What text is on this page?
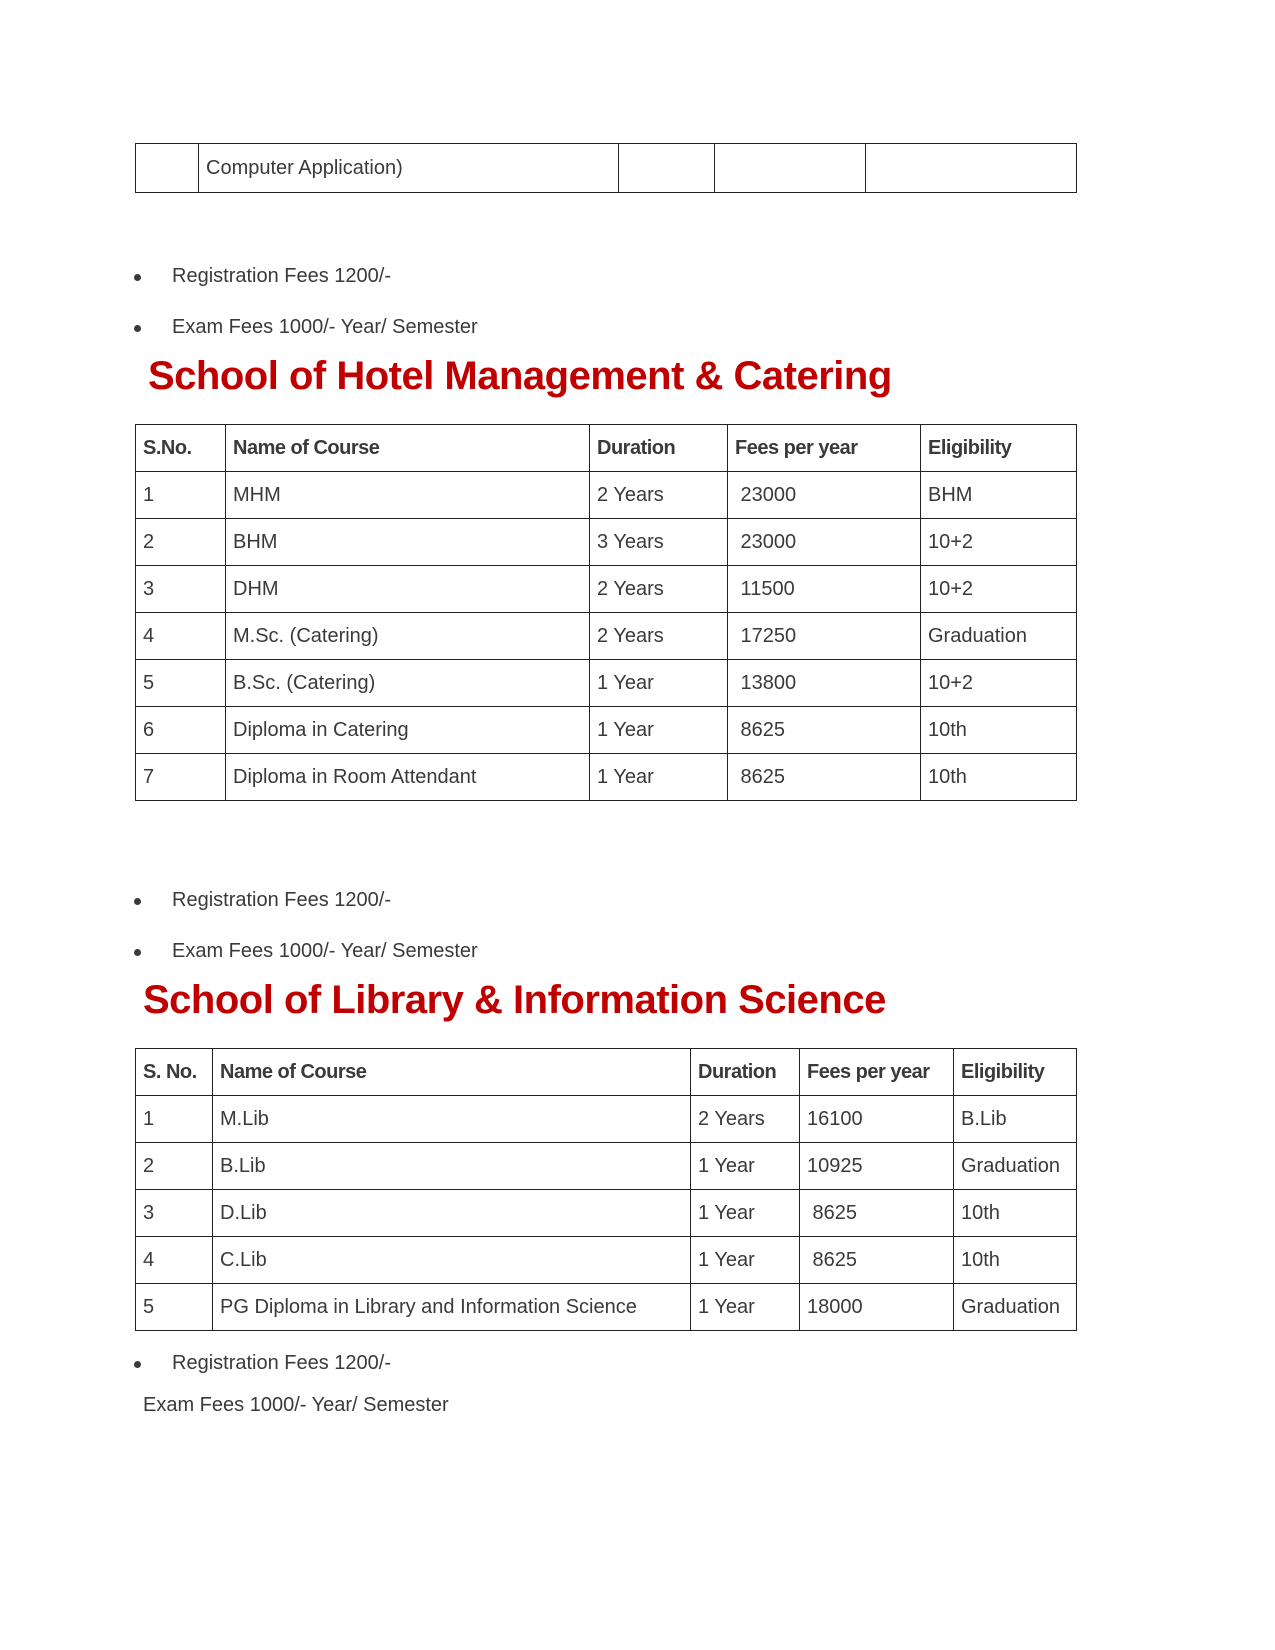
	Computer Application)			
Registration Fees 1200/-
Exam Fees 1000/- Year/ Semester
School of Hotel Management & Catering
S.No.	Name of Course	Duration	Fees per year	Eligibility
1	MHM	2 Years	23000	BHM
2	BHM	3 Years	23000	10+2
3	DHM	2 Years	11500	10+2
4	M.Sc. (Catering)	2 Years	17250	Graduation
5	B.Sc. (Catering)	1 Year	13800	10+2
6	Diploma in Catering	1 Year	8625	10th
7	Diploma in Room Attendant	1 Year	8625	10th
Registration Fees 1200/-
Exam Fees 1000/- Year/ Semester
School of Library & Information Science
S. No.	Name of Course	Duration	Fees per year	Eligibility
1	M.Lib	2 Years	16100	B.Lib
2	B.Lib	1 Year	10925	Graduation
3	D.Lib	1 Year	8625	10th
4	C.Lib	1 Year	8625	10th
5	PG Diploma in Library and Information Science	1 Year	18000	Graduation
Registration Fees 1200/-
Exam Fees 1000/- Year/ Semester
